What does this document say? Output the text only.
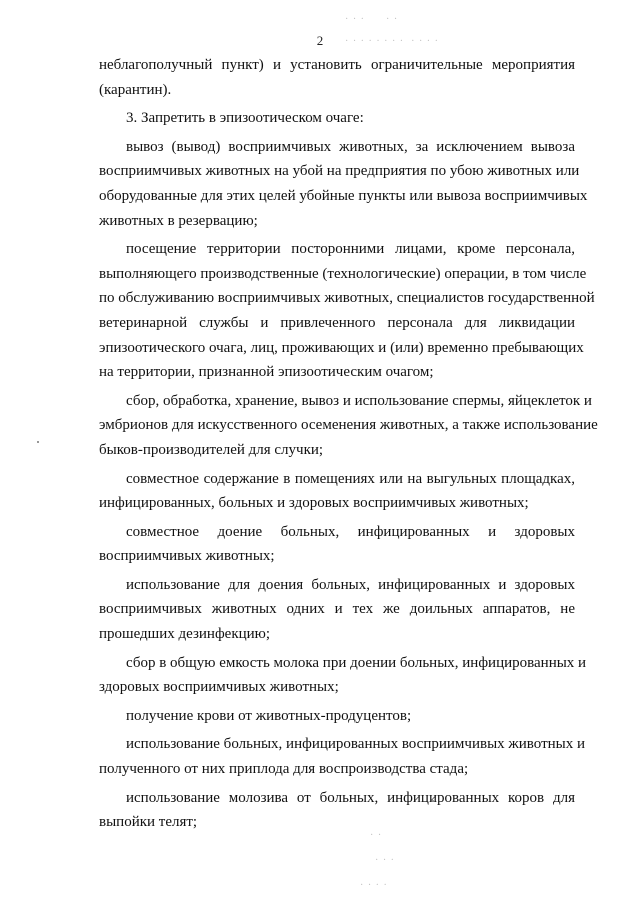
2
· · ·      · ·
· · · · · · · ·  · · · ·
· ·
· · ·
· · · ·
неблагополучный пункт) и установить ограничительные мероприятия
(карантин).
3. Запретить в эпизоотическом очаге:
вывоз (вывод) восприимчивых животных, за исключением вывоза
восприимчивых животных на убой на предприятия по убою животных или
оборудованные для этих целей убойные пункты или вывоза восприимчивых
животных в резервацию;
посещение территории посторонними лицами, кроме персонала,
выполняющего производственные (технологические) операции, в том числе
по обслуживанию восприимчивых животных, специалистов государственной
ветеринарной службы и привлеченного персонала для ликвидации
эпизоотического очага, лиц, проживающих и (или) временно пребывающих
на территории, признанной эпизоотическим очагом;
сбор, обработка, хранение, вывоз и использование спермы, яйцеклеток и
эмбрионов для искусственного осеменения животных, а также использование
быков-производителей для случки;
совместное содержание в помещениях или на выгульных площадках,
инфицированных, больных и здоровых восприимчивых животных;
совместное доение больных, инфицированных и здоровых
восприимчивых животных;
использование для доения больных, инфицированных и здоровых
восприимчивых животных одних и тех же доильных аппаратов, не
прошедших дезинфекцию;
сбор в общую емкость молока при доении больных, инфицированных и
здоровых восприимчивых животных;
получение крови от животных-продуцентов;
использование больных, инфицированных восприимчивых животных и
полученного от них приплода для воспроизводства стада;
использование молозива от больных, инфицированных коров для
выпойки телят;
